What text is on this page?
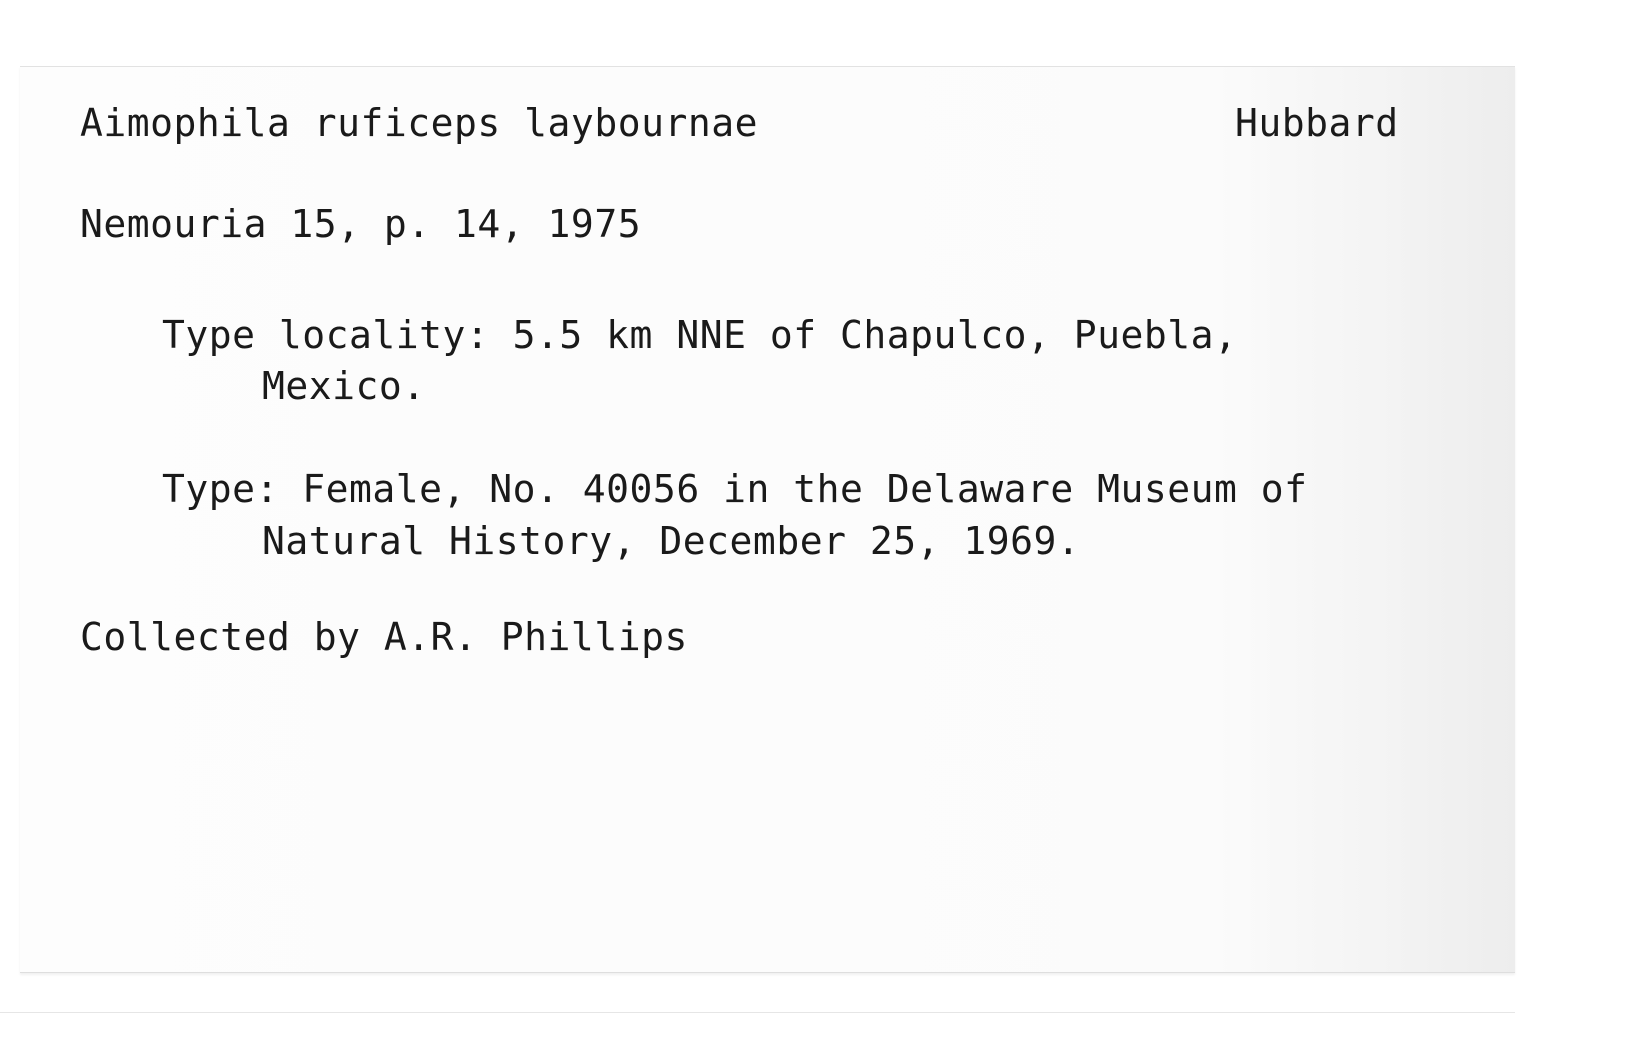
Aimophila ruficeps laybournae	Hubbard
Nemouria 15, p. 14, 1975
Type locality: 5.5 km NNE of Chapulco, Puebla,
Mexico.
Type: Female, No. 40056 in the Delaware Museum of
Natural History, December 25, 1969.
Collected by A.R. Phillips
